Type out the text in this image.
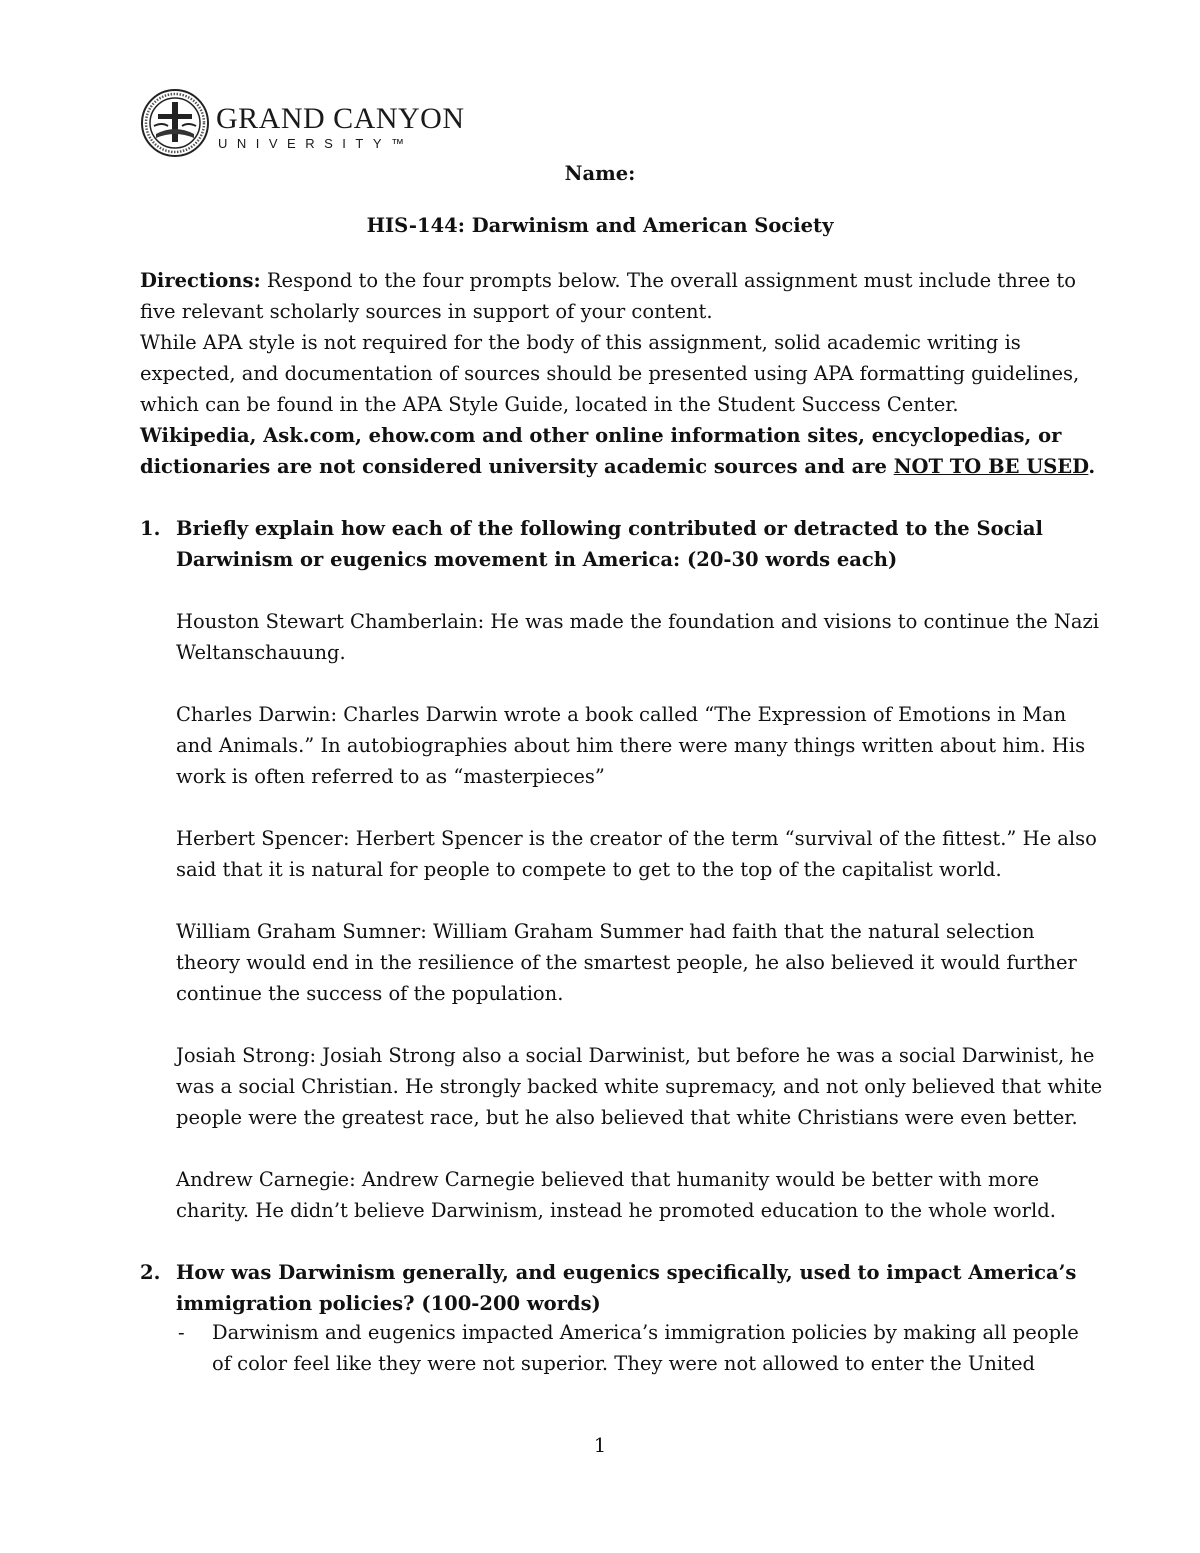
GRAND CANYON
UNIVERSITY™
Name:
HIS-144: Darwinism and American Society
Directions: Respond to the four prompts below. The overall assignment must include three to
five relevant scholarly sources in support of your content.
While APA style is not required for the body of this assignment, solid academic writing is
expected, and documentation of sources should be presented using APA formatting guidelines,
which can be found in the APA Style Guide, located in the Student Success Center.
Wikipedia, Ask.com, ehow.com and other online information sites, encyclopedias, or
dictionaries are not considered university academic sources and are NOT TO BE USED.
1. Briefly explain how each of the following contributed or detracted to the Social
Darwinism or eugenics movement in America: (20-30 words each)
Houston Stewart Chamberlain: He was made the foundation and visions to continue the Nazi
Weltanschauung.
Charles Darwin: Charles Darwin wrote a book called “The Expression of Emotions in Man
and Animals.” In autobiographies about him there were many things written about him. His
work is often referred to as “masterpieces”
Herbert Spencer: Herbert Spencer is the creator of the term “survival of the fittest.” He also
said that it is natural for people to compete to get to the top of the capitalist world.
William Graham Sumner: William Graham Summer had faith that the natural selection
theory would end in the resilience of the smartest people, he also believed it would further
continue the success of the population.
Josiah Strong: Josiah Strong also a social Darwinist, but before he was a social Darwinist, he
was a social Christian. He strongly backed white supremacy, and not only believed that white
people were the greatest race, but he also believed that white Christians were even better.
Andrew Carnegie: Andrew Carnegie believed that humanity would be better with more
charity. He didn’t believe Darwinism, instead he promoted education to the whole world.
2. How was Darwinism generally, and eugenics specifically, used to impact America’s
immigration policies? (100-200 words)
- Darwinism and eugenics impacted America’s immigration policies by making all people
of color feel like they were not superior. They were not allowed to enter the United
1
